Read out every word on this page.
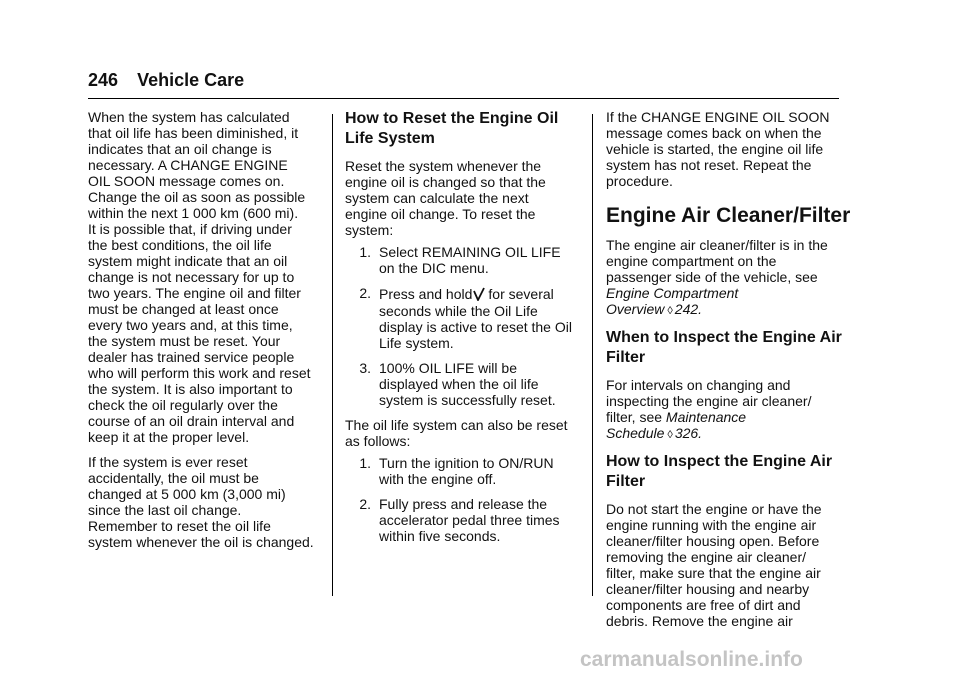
246 Vehicle Care
When the system has calculated
that oil life has been diminished, it
indicates that an oil change is
necessary. A CHANGE ENGINE
OIL SOON message comes on.
Change the oil as soon as possible
within the next 1 000 km (600 mi).
It is possible that, if driving under
the best conditions, the oil life
system might indicate that an oil
change is not necessary for up to
two years. The engine oil and filter
must be changed at least once
every two years and, at this time,
the system must be reset. Your
dealer has trained service people
who will perform this work and reset
the system. It is also important to
check the oil regularly over the
course of an oil drain interval and
keep it at the proper level.
If the system is ever reset
accidentally, the oil must be
changed at 5 000 km (3,000 mi)
since the last oil change.
Remember to reset the oil life
system whenever the oil is changed.
How to Reset the Engine Oil
Life System
Reset the system whenever the
engine oil is changed so that the
system can calculate the next
engine oil change. To reset the
system:
1. Select REMAINING OIL LIFE
on the DIC menu.
2. Press and hold for several
seconds while the Oil Life
display is active to reset the Oil
Life system.
3. 100% OIL LIFE will be
displayed when the oil life
system is successfully reset.
The oil life system can also be reset
as follows:
1. Turn the ignition to ON/RUN
with the engine off.
2. Fully press and release the
accelerator pedal three times
within five seconds.
If the CHANGE ENGINE OIL SOON
message comes back on when the
vehicle is started, the engine oil life
system has not reset. Repeat the
procedure.
Engine Air Cleaner/Filter
The engine air cleaner/filter is in the
engine compartment on the
passenger side of the vehicle, see
Engine Compartment
Overview ◊ 242.
When to Inspect the Engine Air
Filter
For intervals on changing and
inspecting the engine air cleaner/
filter, see Maintenance
Schedule ◊ 326.
How to Inspect the Engine Air
Filter
Do not start the engine or have the
engine running with the engine air
cleaner/filter housing open. Before
removing the engine air cleaner/
filter, make sure that the engine air
cleaner/filter housing and nearby
components are free of dirt and
debris. Remove the engine air
carmanualsonline.info
